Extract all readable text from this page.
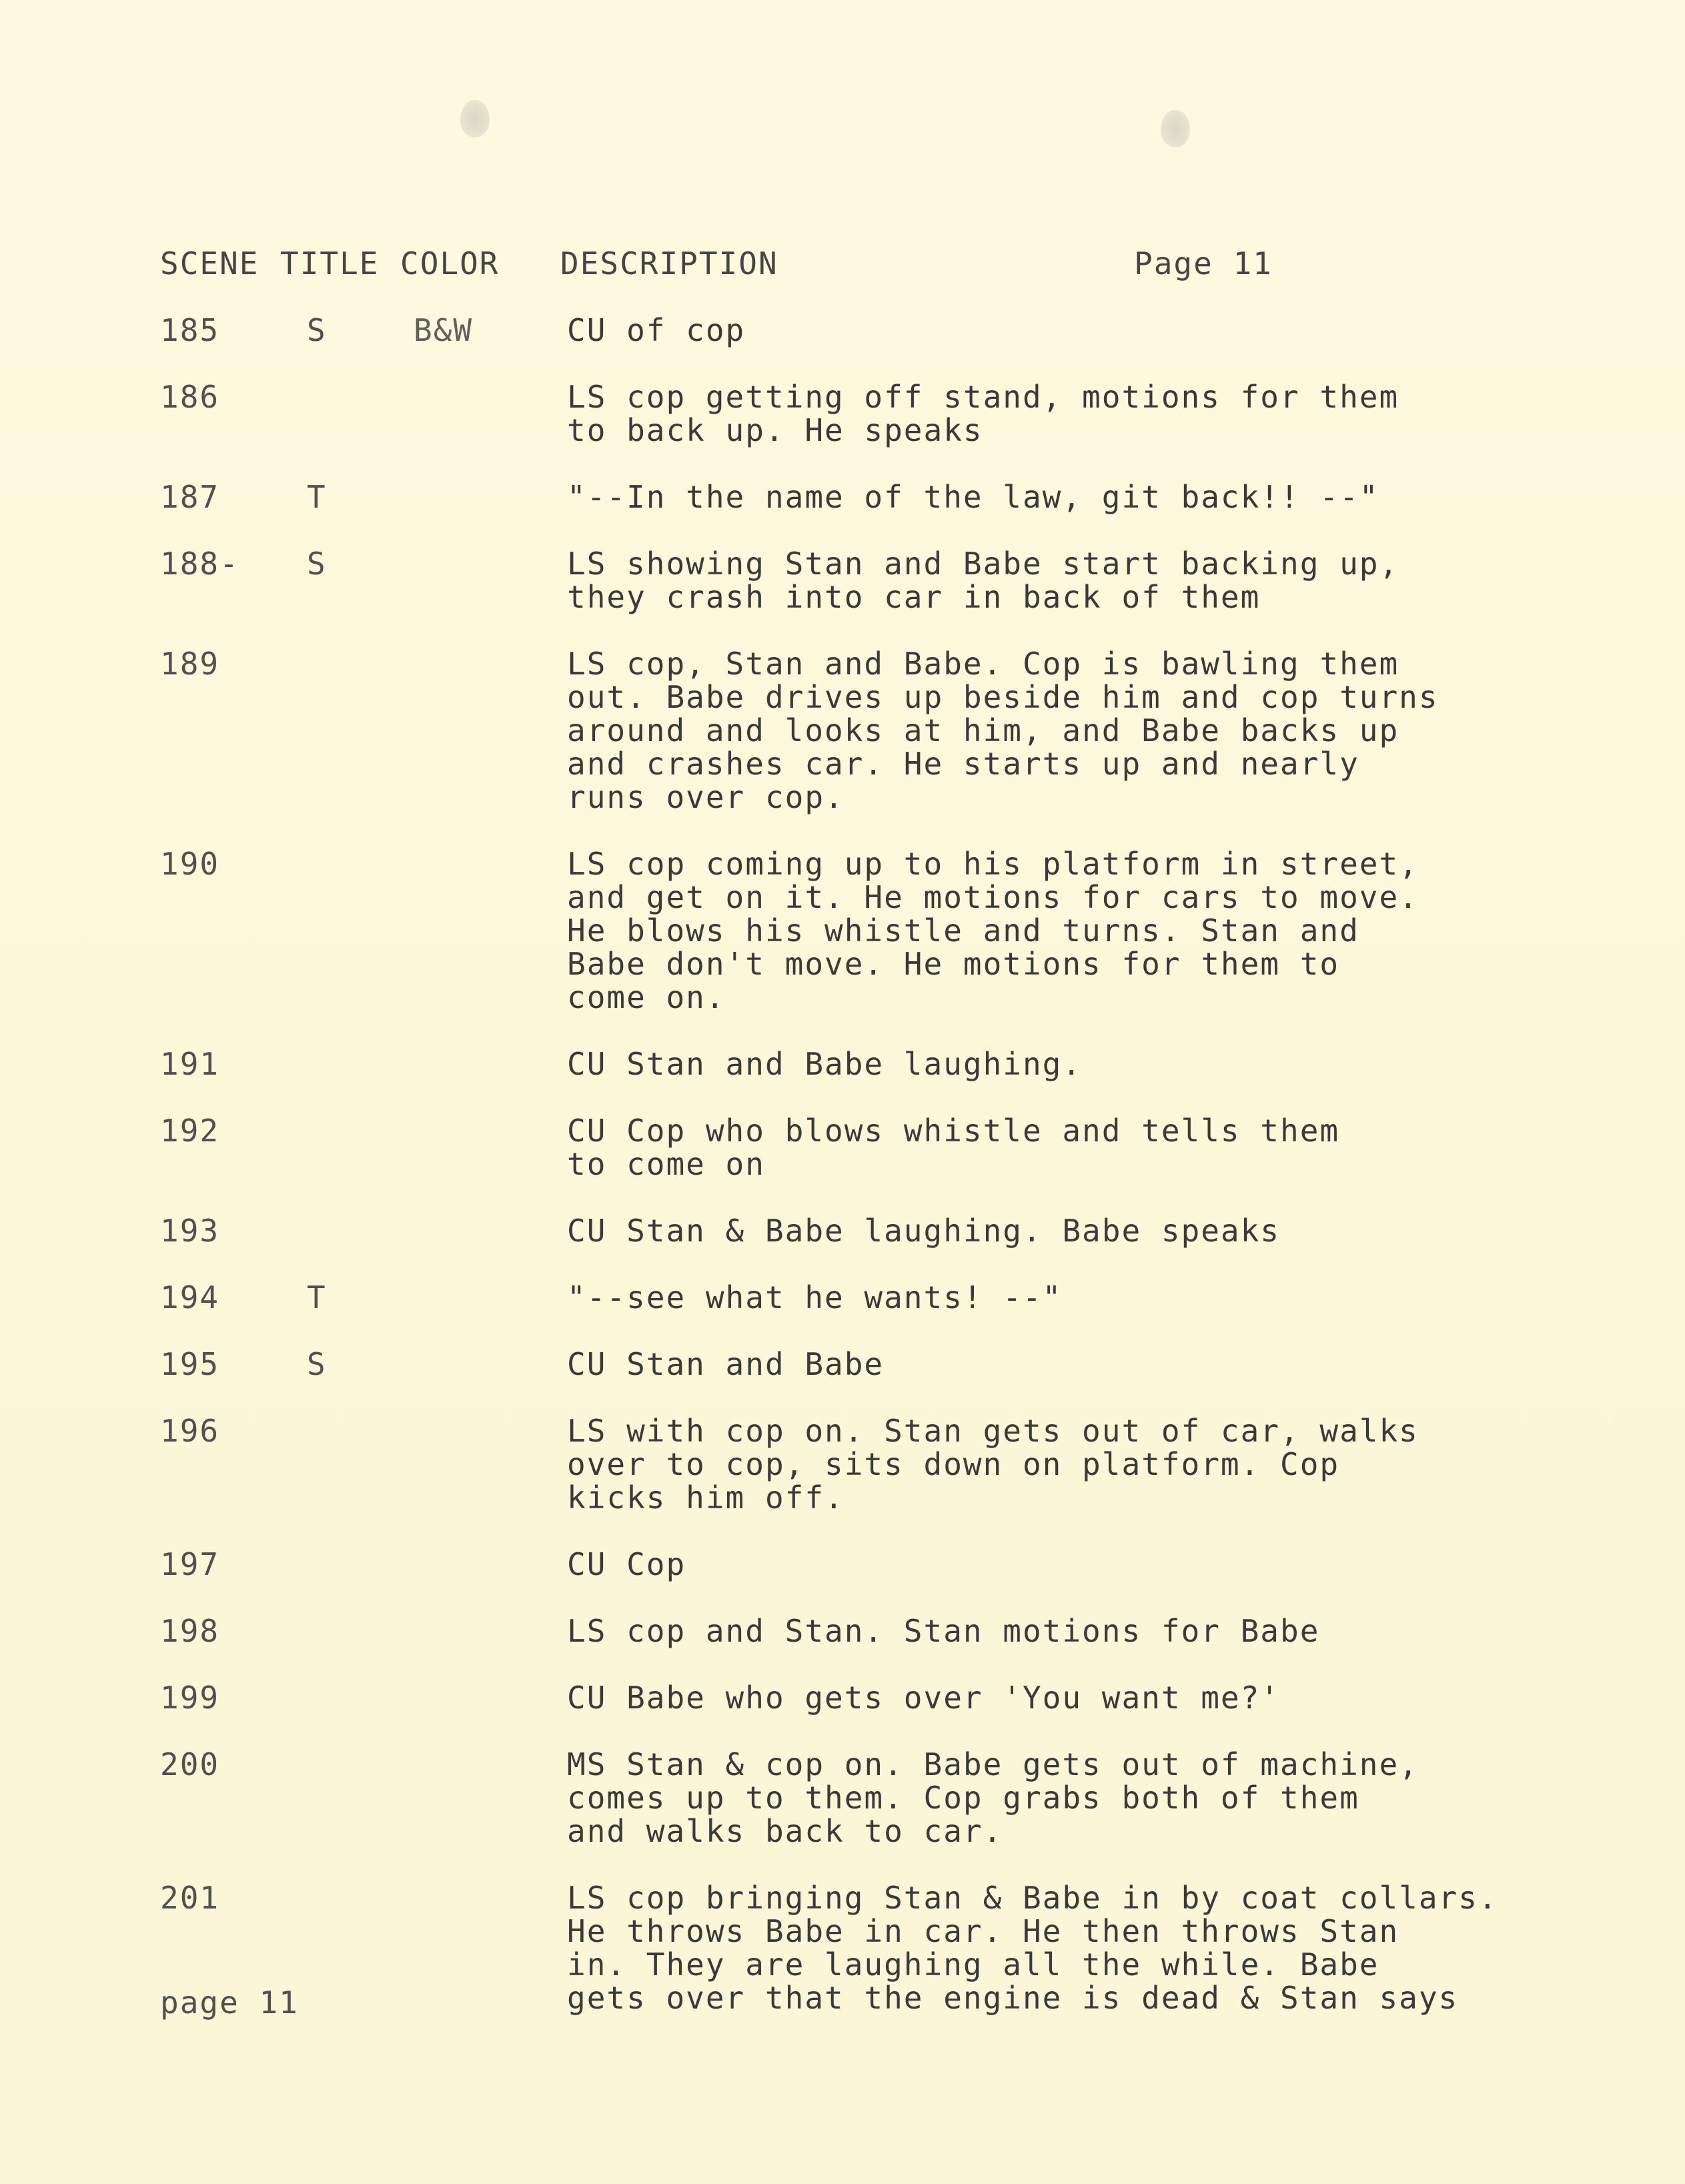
SCENE TITLE COLOR	DESCRIPTION	Page 11
185	S	B&W	CU of cop
186	LS cop getting off stand, motions for them
to back up. He speaks
187	T	"--In the name of the law, git back!! --"
188-	S	LS showing Stan and Babe start backing up,
they crash into car in back of them
189	LS cop, Stan and Babe. Cop is bawling them
out. Babe drives up beside him and cop turns
around and looks at him, and Babe backs up
and crashes car. He starts up and nearly
runs over cop.
190	LS cop coming up to his platform in street,
and get on it. He motions for cars to move.
He blows his whistle and turns. Stan and
Babe don't move. He motions for them to
come on.
191	CU Stan and Babe laughing.
192	CU Cop who blows whistle and tells them
to come on
193	CU Stan & Babe laughing. Babe speaks
194	T	"--see what he wants! --"
195	S	CU Stan and Babe
196	LS with cop on. Stan gets out of car, walks
over to cop, sits down on platform. Cop
kicks him off.
197	CU Cop
198	LS cop and Stan. Stan motions for Babe
199	CU Babe who gets over 'You want me?'
200	MS Stan & cop on. Babe gets out of machine,
comes up to them. Cop grabs both of them
and walks back to car.
201	LS cop bringing Stan & Babe in by coat collars.
He throws Babe in car. He then throws Stan
in. They are laughing all the while. Babe
gets over that the engine is dead & Stan says
page 11
